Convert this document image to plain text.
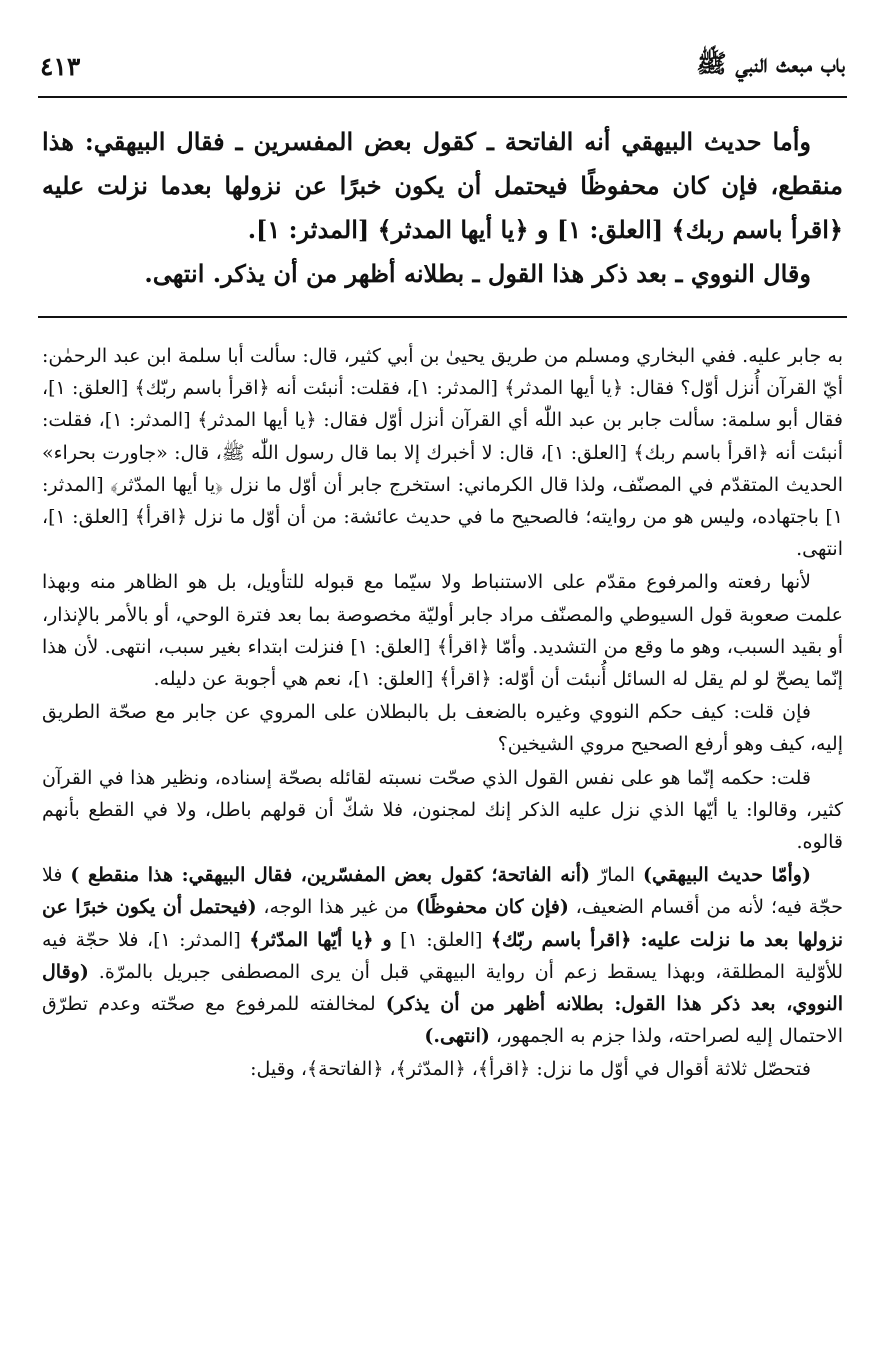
باب مبعث النبي ﷺ
٤١٣

وأما حديث البيهقي أنه الفاتحة ـ كقول بعض المفسرين ـ فقال البيهقي: هذا منقطع، فإن كان محفوظًا فيحتمل أن يكون خبرًا عن نزولها بعدما نزلت عليه ﴿اقرأ باسم ربك﴾ [العلق: ١] و ﴿يا أيها المدثر﴾ [المدثر: ١].

وقال النووي ـ بعد ذكر هذا القول ـ بطلانه أظهر من أن يذكر. انتهى.

به جابر عليه. ففي البخاري ومسلم من طريق يحيىٰ بن أبي كثير، قال: سألت أبا سلمة ابن عبد الرحمٰن: أيّ القرآن أُنزل أوّل؟ فقال: ﴿يا أيها المدثر﴾ [المدثر: ١]، فقلت: أنبئت أنه ﴿اقرأ باسم ربّك﴾ [العلق: ١]، فقال أبو سلمة: سألت جابر بن عبد اللّٰه أي القرآن أنزل أوّل فقال: ﴿يا أيها المدثر﴾ [المدثر: ١]، فقلت: أنبئت أنه ﴿اقرأ باسم ربك﴾ [العلق: ١]، قال: لا أخبرك إلا بما قال رسول اللّٰه ﷺ، قال: «جاورت بحراء» الحديث المتقدّم في المصنّف، ولذا قال الكرماني: استخرج جابر أن أوّل ما نزل ﴿يا أيها المدّثر﴾ [المدثر: ١] باجتهاده، وليس هو من روايته؛ فالصحيح ما في حديث عائشة: من أن أوّل ما نزل ﴿اقرأ﴾ [العلق: ١]، انتهى.

لأنها رفعته والمرفوع مقدّم على الاستنباط ولا سيّما مع قبوله للتأويل، بل هو الظاهر منه وبهذا علمت صعوبة قول السيوطي والمصنّف مراد جابر أوليّة مخصوصة بما بعد فترة الوحي، أو بالأمر بالإنذار، أو بقيد السبب، وهو ما وقع من التشديد. وأمّا ﴿اقرأ﴾ [العلق: ١] فنزلت ابتداء بغير سبب، انتهى. لأن هذا إنّما يصحّ لو لم يقل له السائل أُنبئت أن أوّله: ﴿اقرأ﴾ [العلق: ١]، نعم هي أجوبة عن دليله.

فإن قلت: كيف حكم النووي وغيره بالضعف بل بالبطلان على المروي عن جابر مع صحّة الطريق إليه، كيف وهو أرفع الصحيح مروي الشيخين؟

قلت: حكمه إنّما هو على نفس القول الذي صحّت نسبته لقائله بصحّة إسناده، ونظير هذا في القرآن كثير، وقالوا: يا أيّها الذي نزل عليه الذكر إنك لمجنون، فلا شكّ أن قولهم باطل، ولا في القطع بأنهم قالوه.

(وأمّا حديث البيهقي) المارّ (أنه الفاتحة؛ كقول بعض المفسّرين، فقال البيهقي: هذا منقطع ) فلا حجّة فيه؛ لأنه من أقسام الضعيف، (فإن كان محفوظًا) من غير هذا الوجه، (فيحتمل أن يكون خبرًا عن نزولها بعد ما نزلت عليه: ﴿اقرأ باسم ربّك﴾ [العلق: ١] و ﴿يا أيّها المدّثر﴾ [المدثر: ١]، فلا حجّة فيه للأوّلية المطلقة، وبهذا يسقط زعم أن رواية البيهقي قبل أن يرى المصطفى جبريل بالمرّة. (وقال النووي، بعد ذكر هذا القول: بطلانه أظهر من أن يذكر) لمخالفته للمرفوع مع صحّته وعدم تطرّق الاحتمال إليه لصراحته، ولذا جزم به الجمهور، (انتهى.)

فتحصّل ثلاثة أقوال في أوّل ما نزل: ﴿اقرأ﴾، ﴿المدّثر﴾، ﴿الفاتحة﴾، وقيل:
